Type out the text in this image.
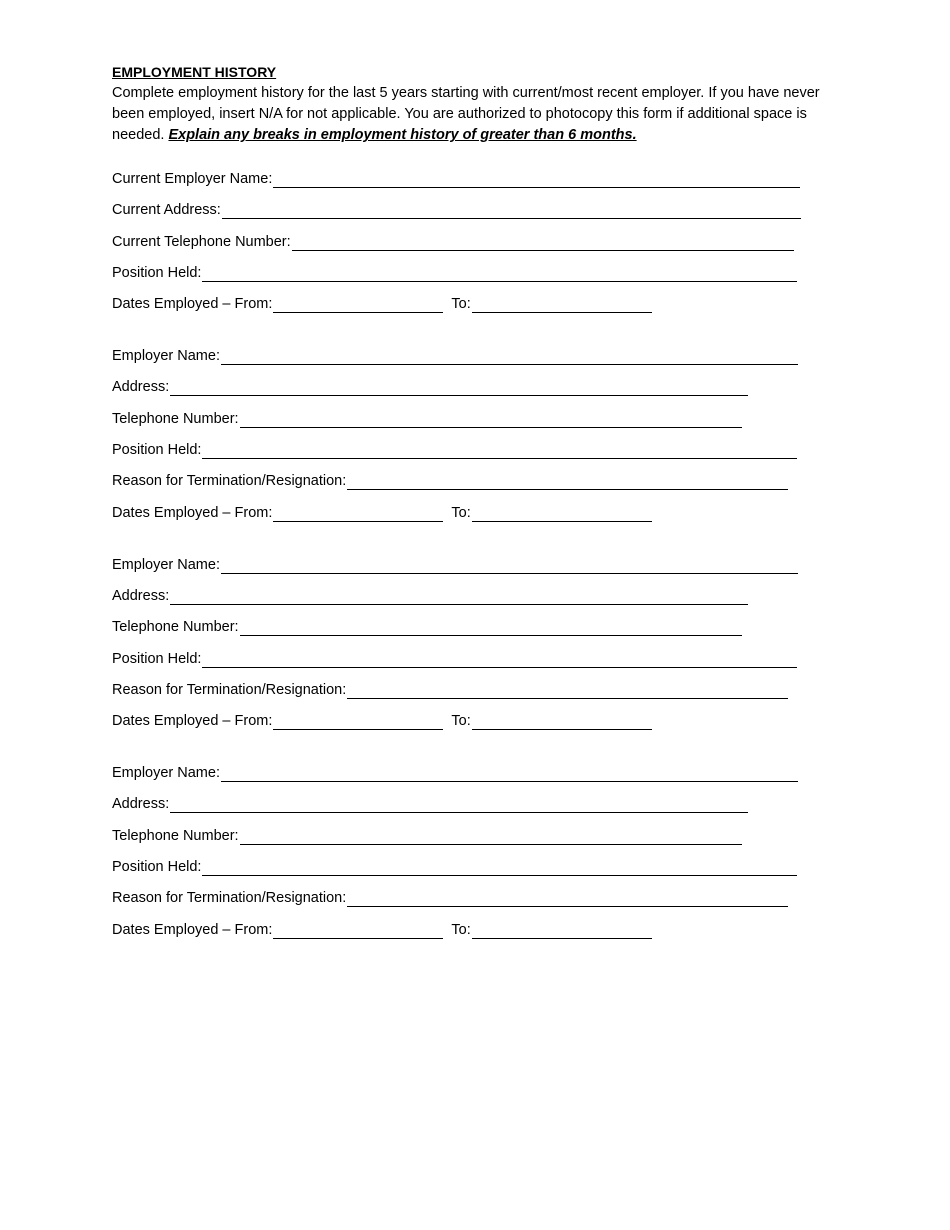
EMPLOYMENT HISTORY

Complete employment history for the last 5 years starting with current/most recent employer. If you have never been employed, insert N/A for not applicable. You are authorized to photocopy this form if additional space is needed. Explain any breaks in employment history of greater than 6 months.

Current Employer Name:
Current Address:
Current Telephone Number:
Position Held:
Dates Employed – From:	To:
Employer Name:
Address:
Telephone Number:
Position Held:
Reason for Termination/Resignation:
Dates Employed – From:	To:
Employer Name:
Address:
Telephone Number:
Position Held:
Reason for Termination/Resignation:
Dates Employed – From:	To:
Employer Name:
Address:
Telephone Number:
Position Held:
Reason for Termination/Resignation:
Dates Employed – From:	To:
